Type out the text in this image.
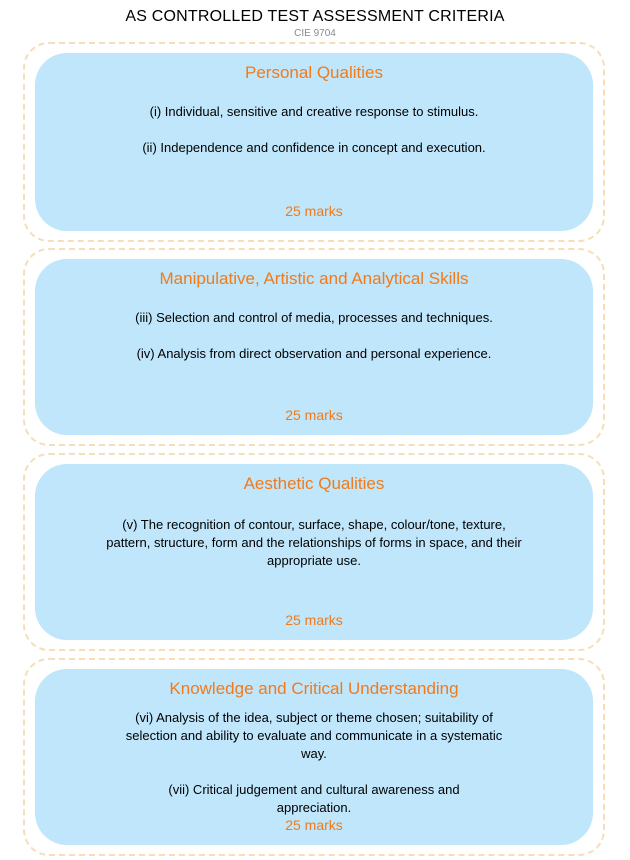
AS CONTROLLED TEST ASSESSMENT CRITERIA
CIE 9704
Personal Qualities
(i) Individual, sensitive and creative response to stimulus.
(ii) Independence and confidence in concept and execution.
25 marks
Manipulative, Artistic and Analytical Skills
(iii) Selection and control of media, processes and techniques.
(iv) Analysis from direct observation and personal experience.
25 marks
Aesthetic Qualities
(v) The recognition of contour, surface, shape, colour/tone, texture, pattern, structure, form and the relationships of forms in space, and their appropriate use.
25 marks
Knowledge and Critical Understanding
(vi) Analysis of the idea, subject or theme chosen; suitability of selection and ability to evaluate and communicate in a systematic way.
(vii) Critical judgement and cultural awareness and appreciation.
25 marks
